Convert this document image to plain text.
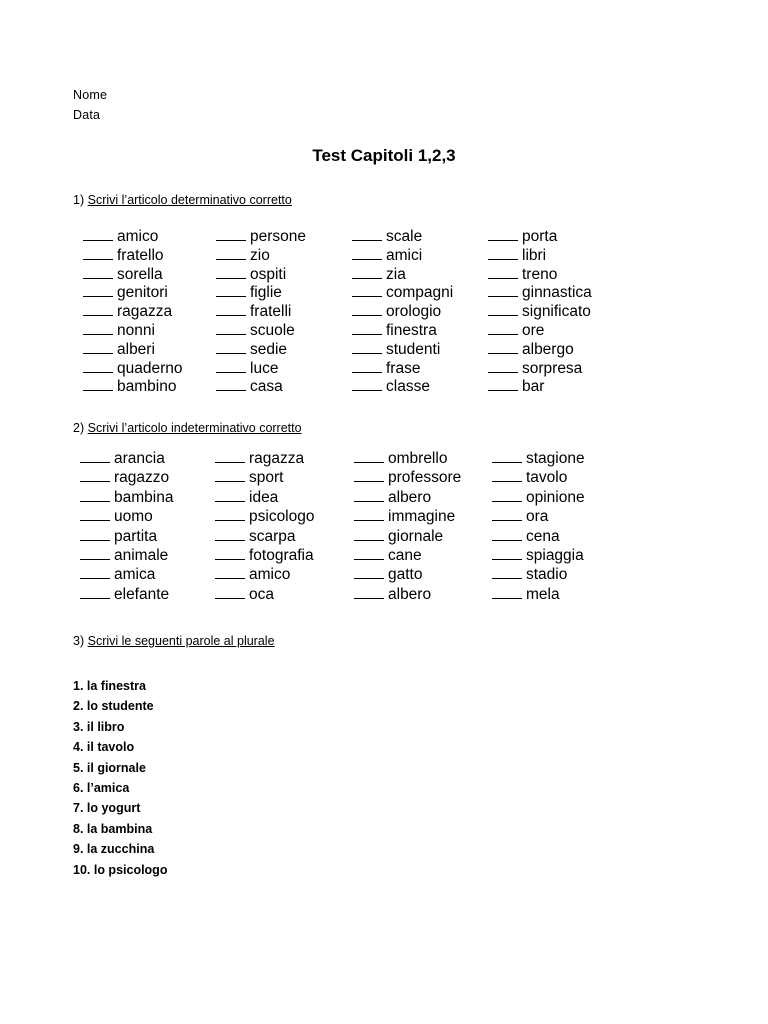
Nome
Data
Test Capitoli 1,2,3
1) Scrivi l’articolo determinativo corretto
amico
fratello
sorella
genitori
ragazza
nonni
alberi
quaderno
bambino
persone
zio
ospiti
figlie
fratelli
scuole
sedie
luce
casa
scale
amici
zia
compagni
orologio
finestra
studenti
frase
classe
porta
libri
treno
ginnastica
significato
ore
albergo
sorpresa
bar
2) Scrivi l’articolo indeterminativo corretto
arancia
ragazzo
bambina
uomo
partita
animale
amica
elefante
ragazza
sport
idea
psicologo
scarpa
fotografia
amico
oca
ombrello
professore
albero
immagine
giornale
cane
gatto
albero
stagione
tavolo
opinione
ora
cena
spiaggia
stadio
mela
3) Scrivi le seguenti parole al plurale
1. la finestra
2. lo studente
3. il libro
4. il tavolo
5. il giornale
6. l’amica
7. lo yogurt
8. la bambina
9. la zucchina
10. lo psicologo
